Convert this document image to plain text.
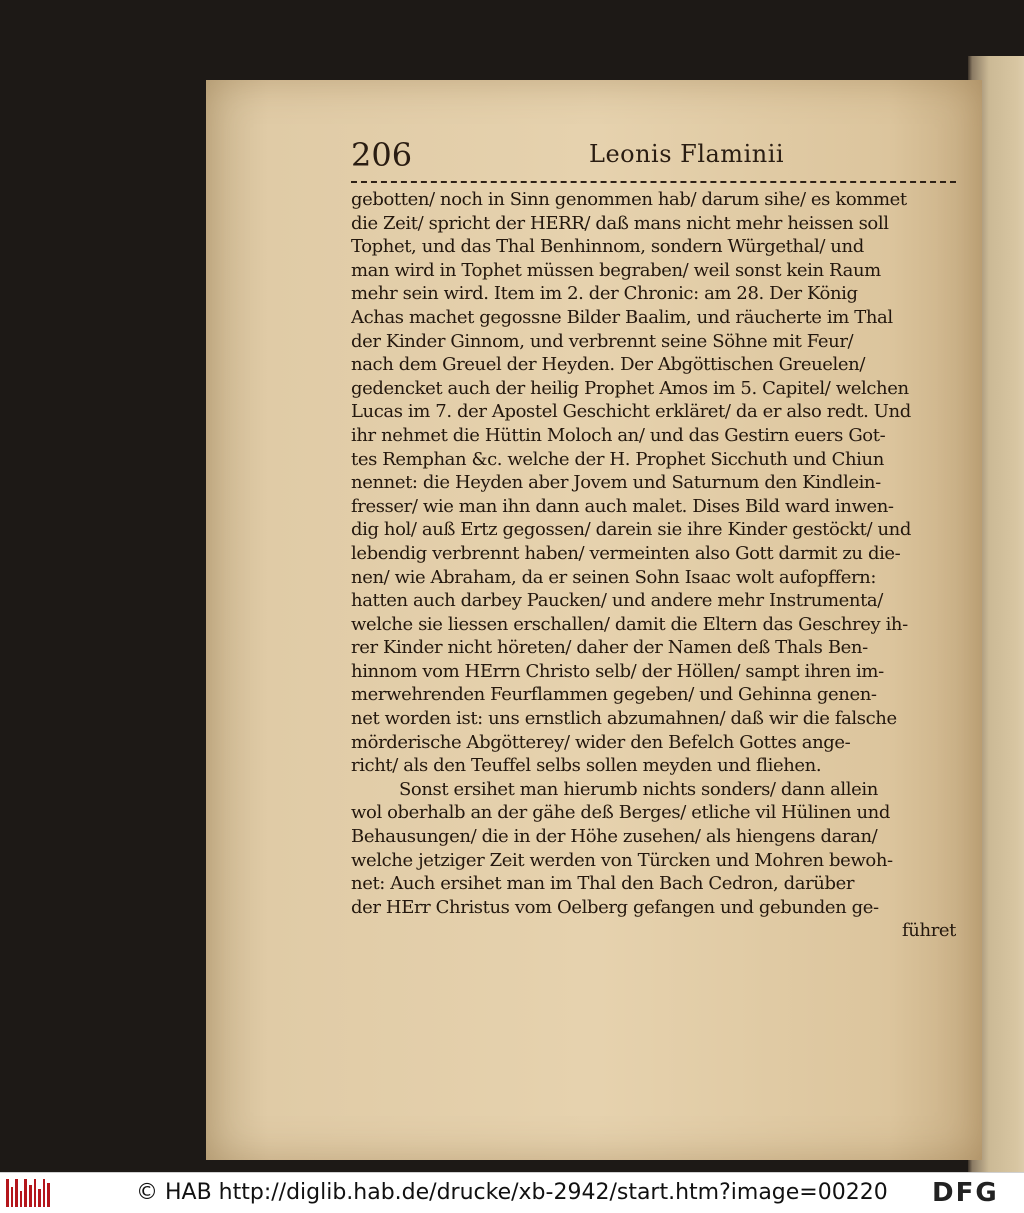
206	Leonis Flaminii
gebotten/ noch in Sinn genommen hab/ darum sihe/ es kommet
die Zeit/ spricht der HERR/ daß mans nicht mehr heissen soll
Tophet, und das Thal Benhinnom, sondern Würgethal/ und
man wird in Tophet müssen begraben/ weil sonst kein Raum
mehr sein wird. Item im 2. der Chronic: am 28. Der König
Achas machet gegossne Bilder Baalim, und räucherte im Thal
der Kinder Ginnom, und verbrennt seine Söhne mit Feur/
nach dem Greuel der Heyden. Der Abgöttischen Greuelen/
gedencket auch der heilig Prophet Amos im 5. Capitel/ welchen
Lucas im 7. der Apostel Geschicht erkläret/ da er also redt. Und
ihr nehmet die Hüttin Moloch an/ und das Gestirn euers Got-
tes Remphan &c. welche der H. Prophet Sicchuth und Chiun
nennet: die Heyden aber Jovem und Saturnum den Kindlein-
fresser/ wie man ihn dann auch malet. Dises Bild ward inwen-
dig hol/ auß Ertz gegossen/ darein sie ihre Kinder gestöckt/ und
lebendig verbrennt haben/ vermeinten also Gott darmit zu die-
nen/ wie Abraham, da er seinen Sohn Isaac wolt aufopffern:
hatten auch darbey Paucken/ und andere mehr Instrumenta/
welche sie liessen erschallen/ damit die Eltern das Geschrey ih-
rer Kinder nicht höreten/ daher der Namen deß Thals Ben-
hinnom vom HErrn Christo selb/ der Höllen/ sampt ihren im-
merwehrenden Feurflammen gegeben/ und Gehinna genen-
net worden ist: uns ernstlich abzumahnen/ daß wir die falsche
mörderische Abgötterey/ wider den Befelch Gottes ange-
richt/ als den Teuffel selbs sollen meyden und fliehen.
Sonst ersihet man hierumb nichts sonders/ dann allein
wol oberhalb an der gähe deß Berges/ etliche vil Hülinen und
Behausungen/ die in der Höhe zusehen/ als hiengens daran/
welche jetziger Zeit werden von Türcken und Mohren bewoh-
net: Auch ersihet man im Thal den Bach Cedron, darüber
der HErr Christus vom Oelberg gefangen und gebunden ge-
führet
© HAB http://diglib.hab.de/drucke/xb-2942/start.htm?image=00220 DFG
